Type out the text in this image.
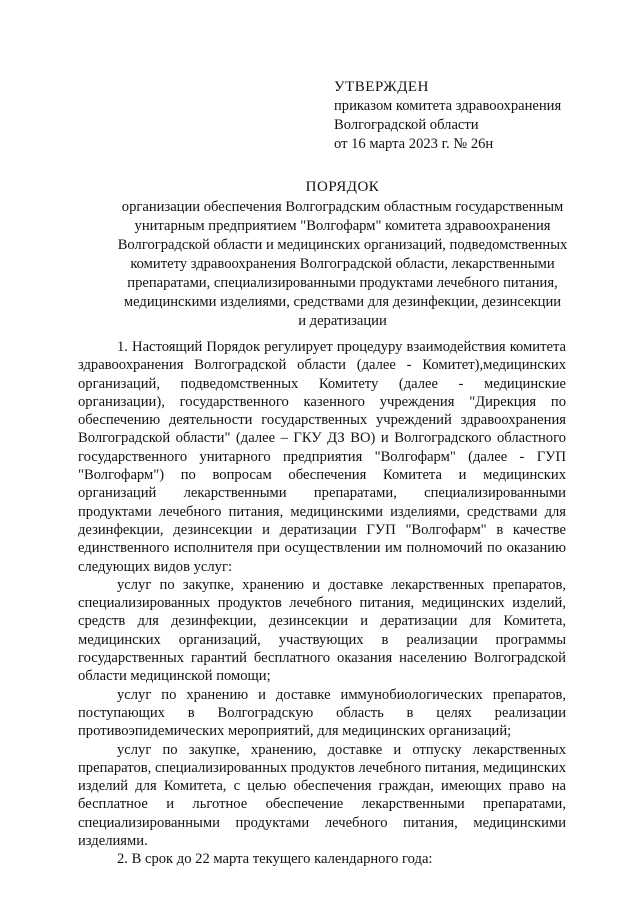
УТВЕРЖДЕН
приказом комитета здравоохранения
Волгоградской области
от 16 марта 2023 г. № 26н
ПОРЯДОК
организации обеспечения Волгоградским областным государственным
унитарным предприятием "Волгофарм" комитета здравоохранения
Волгоградской области и медицинских организаций, подведомственных
комитету здравоохранения Волгоградской области, лекарственными
препаратами, специализированными продуктами лечебного питания,
медицинскими изделиями, средствами для дезинфекции, дезинсекции
и дератизации

1. Настоящий Порядок регулирует процедуру взаимодействия комитета здравоохранения Волгоградской области (далее - Комитет),медицинских организаций, подведомственных Комитету (далее - медицинские организации), государственного казенного учреждения "Дирекция по обеспечению деятельности государственных учреждений здравоохранения Волгоградской области" (далее – ГКУ ДЗ ВО) и Волгоградского областного государственного унитарного предприятия "Волгофарм" (далее - ГУП "Волгофарм") по вопросам обеспечения Комитета и медицинских организаций лекарственными препаратами, специализированными продуктами лечебного питания, медицинскими изделиями, средствами для дезинфекции, дезинсекции и дератизации ГУП "Волгофарм" в качестве единственного исполнителя при осуществлении им полномочий по оказанию следующих видов услуг:

услуг по закупке, хранению и доставке лекарственных препаратов, специализированных продуктов лечебного питания, медицинских изделий, средств для дезинфекции, дезинсекции и дератизации для Комитета, медицинских организаций, участвующих в реализации программы государственных гарантий бесплатного оказания населению Волгоградской области медицинской помощи;

услуг по хранению и доставке иммунобиологических препаратов, поступающих в Волгоградскую область в целях реализации противоэпидемических мероприятий, для медицинских организаций;

услуг по закупке, хранению, доставке и отпуску лекарственных препаратов, специализированных продуктов лечебного питания, медицинских изделий для Комитета, с целью обеспечения граждан, имеющих право на бесплатное и льготное обеспечение лекарственными препаратами, специализированными продуктами лечебного питания, медицинскими изделиями.

2. В срок до 22 марта текущего календарного года:
